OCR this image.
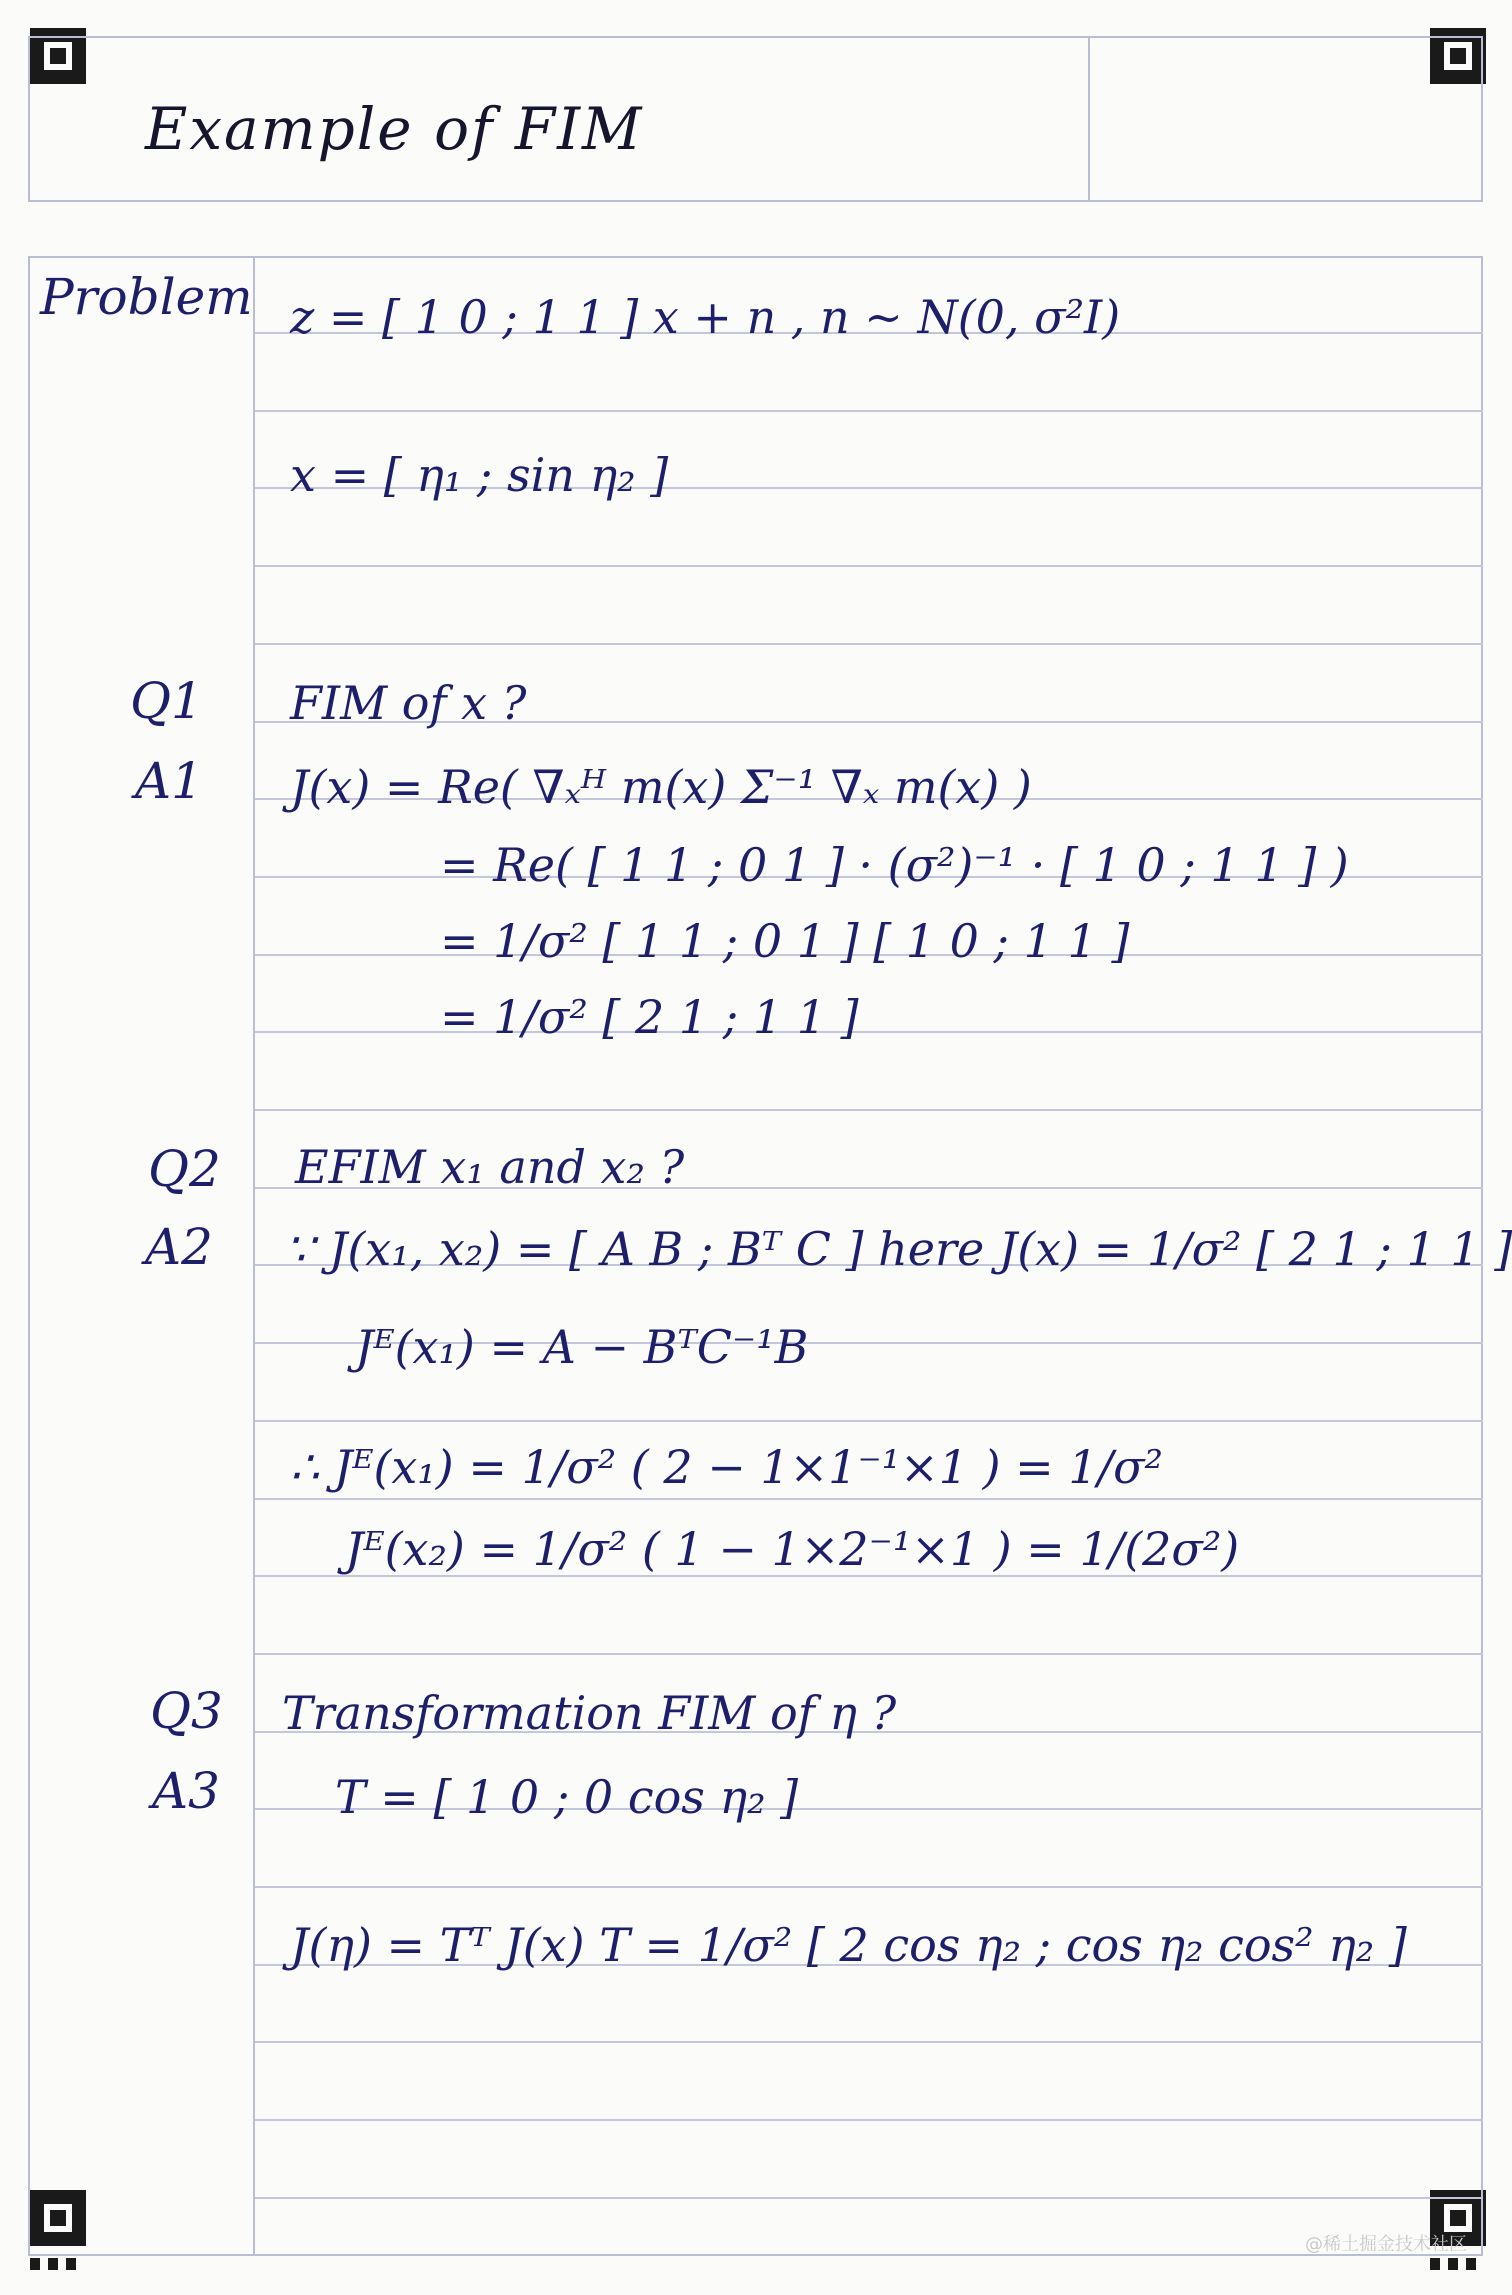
Example of FIM
Problem z = [ 1 0 ; 1 1 ] x + n , n ~ N(0, σ²I)
x = [ η₁ ; sin η₂ ]
Q1 FIM of x ?
A1 J(x) = Re( ∇ₓᴴ m(x) Σ⁻¹ ∇ₓ m(x) )
= Re( [ 1 1 ; 0 1 ] · (σ²)⁻¹ · [ 1 0 ; 1 1 ] )
= 1/σ² [ 1 1 ; 0 1 ] [ 1 0 ; 1 1 ]
= 1/σ² [ 2 1 ; 1 1 ]
Q2 EFIM x₁ and x₂ ?
A2 ∵ J(x₁, x₂) = [ A B ; Bᵀ C ] here J(x) = 1/σ² [ 2 1 ; 1 1 ]
Jᴱ(x₁) = A − BᵀC⁻¹B
∴ Jᴱ(x₁) = 1/σ² ( 2 − 1×1⁻¹×1 ) = 1/σ²
Jᴱ(x₂) = 1/σ² ( 1 − 1×2⁻¹×1 ) = 1/(2σ²)
Q3 Transformation FIM of η ?
A3	T = [ 1 0 ; 0 cos η₂ ]
J(η) = Tᵀ J(x) T = 1/σ² [ 2 cos η₂ ; cos η₂ cos² η₂ ]
@稀土掘金技术社区
